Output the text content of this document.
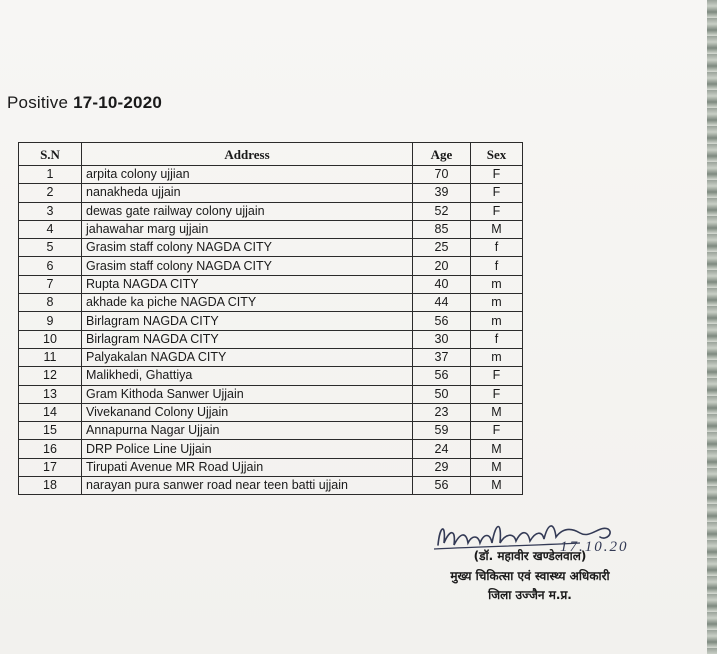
Positive 17-10-2020
S.N	Address	Age	Sex
1	arpita colony ujjian	70	F
2	nanakheda ujjain	39	F
3	dewas gate railway colony ujjain	52	F
4	jahawahar marg ujjain	85	M
5	Grasim staff colony NAGDA CITY	25	f
6	Grasim staff colony NAGDA CITY	20	f
7	Rupta NAGDA CITY	40	m
8	akhade ka piche NAGDA CITY	44	m
9	Birlagram NAGDA CITY	56	m
10	Birlagram NAGDA CITY	30	f
11	Palyakalan NAGDA CITY	37	m
12	Malikhedi, Ghattiya	56	F
13	Gram Kithoda Sanwer Ujjain	50	F
14	Vivekanand Colony Ujjain	23	M
15	Annapurna Nagar Ujjain	59	F
16	DRP Police Line Ujjain	24	M
17	Tirupati Avenue MR Road Ujjain	29	M
18	narayan pura sanwer road near teen batti ujjain	56	M
17.10.20
(डॉ. महावीर खण्डेलवाल)
मुख्य चिकित्सा एवं स्वास्थ्य अधिकारी
जिला उज्जैन म.प्र.
